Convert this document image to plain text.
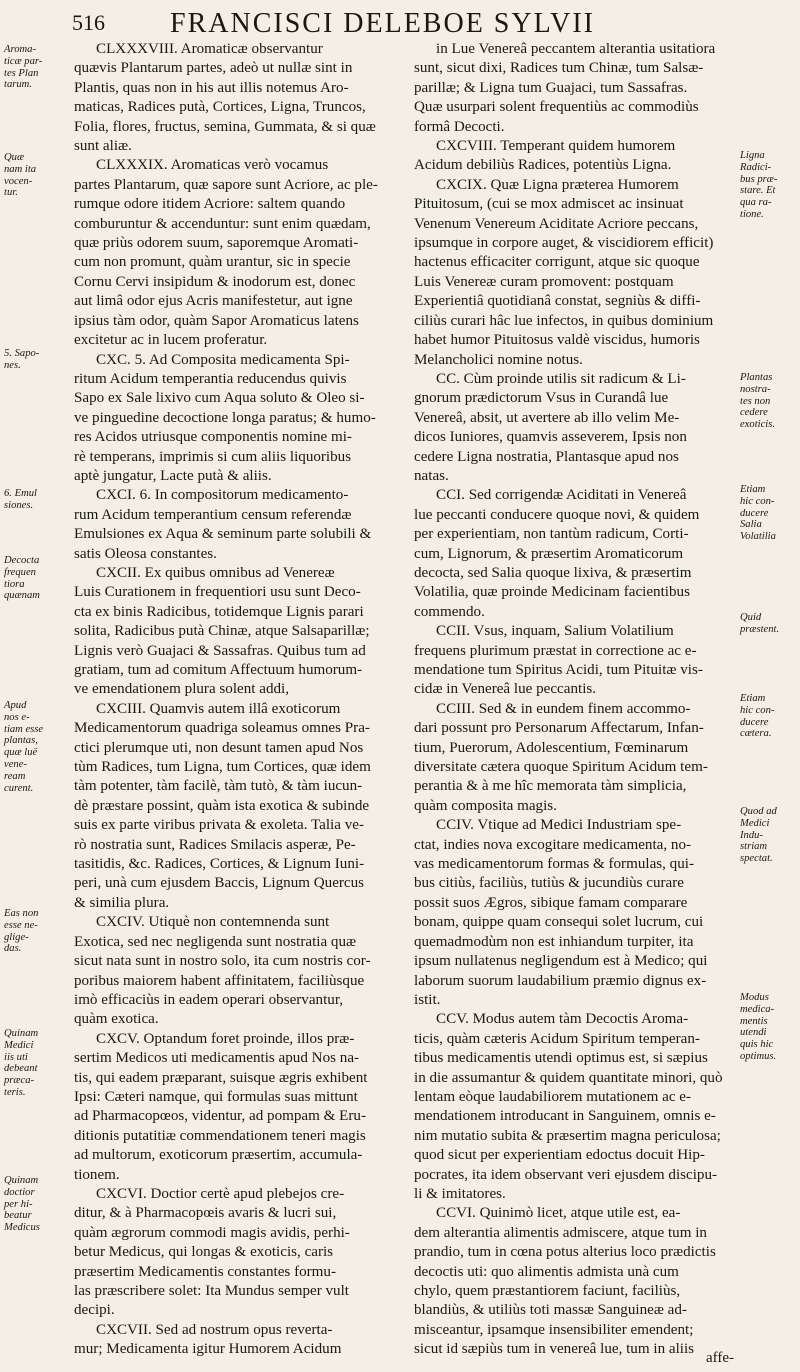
516 FRANCISCI DELEBOE SYLVII
CLXXXVIII. Aromaticæ observantur
quævis Plantarum partes, adeò ut nullæ sint in
Plantis, quas non in his aut illis notemus Aro-
maticas, Radices putà, Cortices, Ligna, Truncos,
Folia, flores, fructus, semina, Gummata, & si quæ
sunt aliæ.
CLXXXIX. Aromaticas verò vocamus
partes Plantarum, quæ sapore sunt Acriore, ac ple-
rumque odore itidem Acriore: saltem quando
comburuntur & accenduntur: sunt enim quædam,
quæ priùs odorem suum, saporemque Aromati-
cum non promunt, quàm urantur, sic in specie
Cornu Cervi insipidum & inodorum est, donec
aut limâ odor ejus Acris manifestetur, aut igne
ipsius tàm odor, quàm Sapor Aromaticus latens
excitetur ac in lucem proferatur.
CXC. 5. Ad Composita medicamenta Spi-
ritum Acidum temperantia reducendus quivis
Sapo ex Sale lixivo cum Aqua soluto & Oleo si-
ve pinguedine decoctione longa paratus; & humo-
res Acidos utriusque componentis nomine mi-
rè temperans, imprimis si cum aliis liquoribus
aptè jungatur, Lacte putà & aliis.
CXCI. 6. In compositorum medicamento-
rum Acidum temperantium censum referendæ
Emulsiones ex Aqua & seminum parte solubili &
satis Oleosa constantes.
CXCII. Ex quibus omnibus ad Venereæ
Luis Curationem in frequentiori usu sunt Deco-
cta ex binis Radicibus, totidemque Lignis parari
solita, Radicibus putà Chinæ, atque Salsaparillæ;
Lignis verò Guajaci & Sassafras. Quibus tum ad
gratiam, tum ad comitum Affectuum humorum-
ve emendationem plura solent addi,
CXCIII. Quamvis autem illâ exoticorum
Medicamentorum quadriga soleamus omnes Pra-
ctici plerumque uti, non desunt tamen apud Nos
tùm Radices, tum Ligna, tum Cortices, quæ idem
tàm potenter, tàm facilè, tàm tutò, & tàm iucun-
dè præstare possint, quàm ista exotica & subinde
suis ex parte viribus privata & exoleta. Talia ve-
rò nostratia sunt, Radices Smilacis asperæ, Pe-
tasitidis, &c. Radices, Cortices, & Lignum Iuni-
peri, unà cum ejusdem Baccis, Lignum Quercus
& similia plura.
CXCIV. Utiquè non contemnenda sunt
Exotica, sed nec negligenda sunt nostratia quæ
sicut nata sunt in nostro solo, ita cum nostris cor-
poribus maiorem habent affinitatem, faciliùsque
imò efficaciùs in eadem operari observantur,
quàm exotica.
CXCV. Optandum foret proinde, illos præ-
sertim Medicos uti medicamentis apud Nos na-
tis, qui eadem præparant, suisque ægris exhibent
Ipsi: Cæteri namque, qui formulas suas mittunt
ad Pharmacopœos, videntur, ad pompam & Eru-
ditionis putatitiæ commendationem teneri magis
ad multorum, exoticorum præsertim, accumula-
tionem.
CXCVI. Doctior certè apud plebejos cre-
ditur, & à Pharmacopœis avaris & lucri sui,
quàm ægrorum commodi magis avidis, perhi-
betur Medicus, qui longas & exoticis, caris
præsertim Medicamentis constantes formu-
las præscribere solet: Ita Mundus semper vult
decipi.
CXCVII. Sed ad nostrum opus reverta-
mur; Medicamenta igitur Humorem Acidum
in Lue Venereâ peccantem alterantia usitatiora
sunt, sicut dixi, Radices tum Chinæ, tum Salsæ-
parillæ; & Ligna tum Guajaci, tum Sassafras.
Quæ usurpari solent frequentiùs ac commodiùs
formâ Decocti.
CXCVIII. Temperant quidem humorem
Acidum debiliùs Radices, potentiùs Ligna.
CXCIX. Quæ Ligna præterea Humorem
Pituitosum, (cui se mox admiscet ac insinuat
Venenum Venereum Aciditate Acriore peccans,
ipsumque in corpore auget, & viscidiorem efficit)
hactenus efficaciter corrigunt, atque sic quoque
Luis Venereæ curam promovent: postquam
Experientiâ quotidianâ constat, segniùs & diffi-
ciliùs curari hâc lue infectos, in quibus dominium
habet humor Pituitosus valdè viscidus, humoris
Melancholici nomine notus.
CC. Cùm proinde utilis sit radicum & Li-
gnorum prædictorum Vsus in Curandâ lue
Venereâ, absit, ut avertere ab illo velim Me-
dicos Iuniores, quamvis asseverem, Ipsis non
cedere Ligna nostratia, Plantasque apud nos
natas.
CCI. Sed corrigendæ Aciditati in Venereâ
lue peccanti conducere quoque novi, & quidem
per experientiam, non tantùm radicum, Corti-
cum, Lignorum, & præsertim Aromaticorum
decocta, sed Salia quoque lixiva, & præsertim
Volatilia, quæ proinde Medicinam facientibus
commendo.
CCII. Vsus, inquam, Salium Volatilium
frequens plurimum præstat in correctione ac e-
mendatione tum Spiritus Acidi, tum Pituitæ vis-
cidæ in Venereâ lue peccantis.
CCIII. Sed & in eundem finem accommo-
dari possunt pro Personarum Affectarum, Infan-
tium, Puerorum, Adolescentium, Fœminarum
diversitate cætera quoque Spiritum Acidum tem-
perantia & à me hîc memorata tàm simplicia,
quàm composita magis.
CCIV. Vtique ad Medici Industriam spe-
ctat, indies nova excogitare medicamenta, no-
vas medicamentorum formas & formulas, qui-
bus citiùs, faciliùs, tutiùs & jucundiùs curare
possit suos Ægros, sibique famam comparare
bonam, quippe quam consequi solet lucrum, cui
quemadmodùm non est inhiandum turpiter, ita
ipsum nullatenus negligendum est à Medico; qui
laborum suorum laudabilium præmio dignus ex-
istit.
CCV. Modus autem tàm Decoctis Aroma-
ticis, quàm cæteris Acidum Spiritum temperan-
tibus medicamentis utendi optimus est, si sæpius
in die assumantur & quidem quantitate minori, quò
lentam eòque laudabiliorem mutationem ac e-
mendationem introducant in Sanguinem, omnis e-
nim mutatio subita & præsertim magna periculosa;
quod sicut per experientiam edoctus docuit Hip-
pocrates, ita idem observant veri ejusdem discipu-
li & imitatores.
CCVI. Quinimò licet, atque utile est, ea-
dem alterantia alimentis admiscere, atque tum in
prandio, tum in cœna potus alterius loco prædictis
decoctis uti: quo alimentis admista unà cum
chylo, quem præstantiorem faciunt, faciliùs,
blandiùs, & utiliùs toti massæ Sanguineæ ad-
misceantur, ipsamque insensibiliter emendent;
sicut id sæpiùs tum in venereâ lue, tum in aliis
Aroma-
ticæ par-
tes Plan
tarum.
Quæ
nam ita
vocen-
tur.
5. Sapo-
nes.
6. Emul
siones.
Decocta
frequen
tiora
quænam
Apud
nos e-
tiam esse
plantas,
quæ luë
vene-
ream
curent.
Eas non
esse ne-
glige-
das.
Quinam
Medici
iis uti
debeant
præca-
teris.
Quinam
doctior
per hi-
beatur
Medicus
Ligna
Radici-
bus præ-
stare. Et
qua ra-
tione.
Plantas
nostra-
tes non
cedere
exoticis.
Etiam
hic con-
ducere
Salia
Volatilia
Quid
præstent.
Etiam
hic con-
ducere
cætera.
Quod ad
Medici
Indu-
striam
spectat.
Modus
medica-
mentis
utendi
quis hic
optimus.
affe-
